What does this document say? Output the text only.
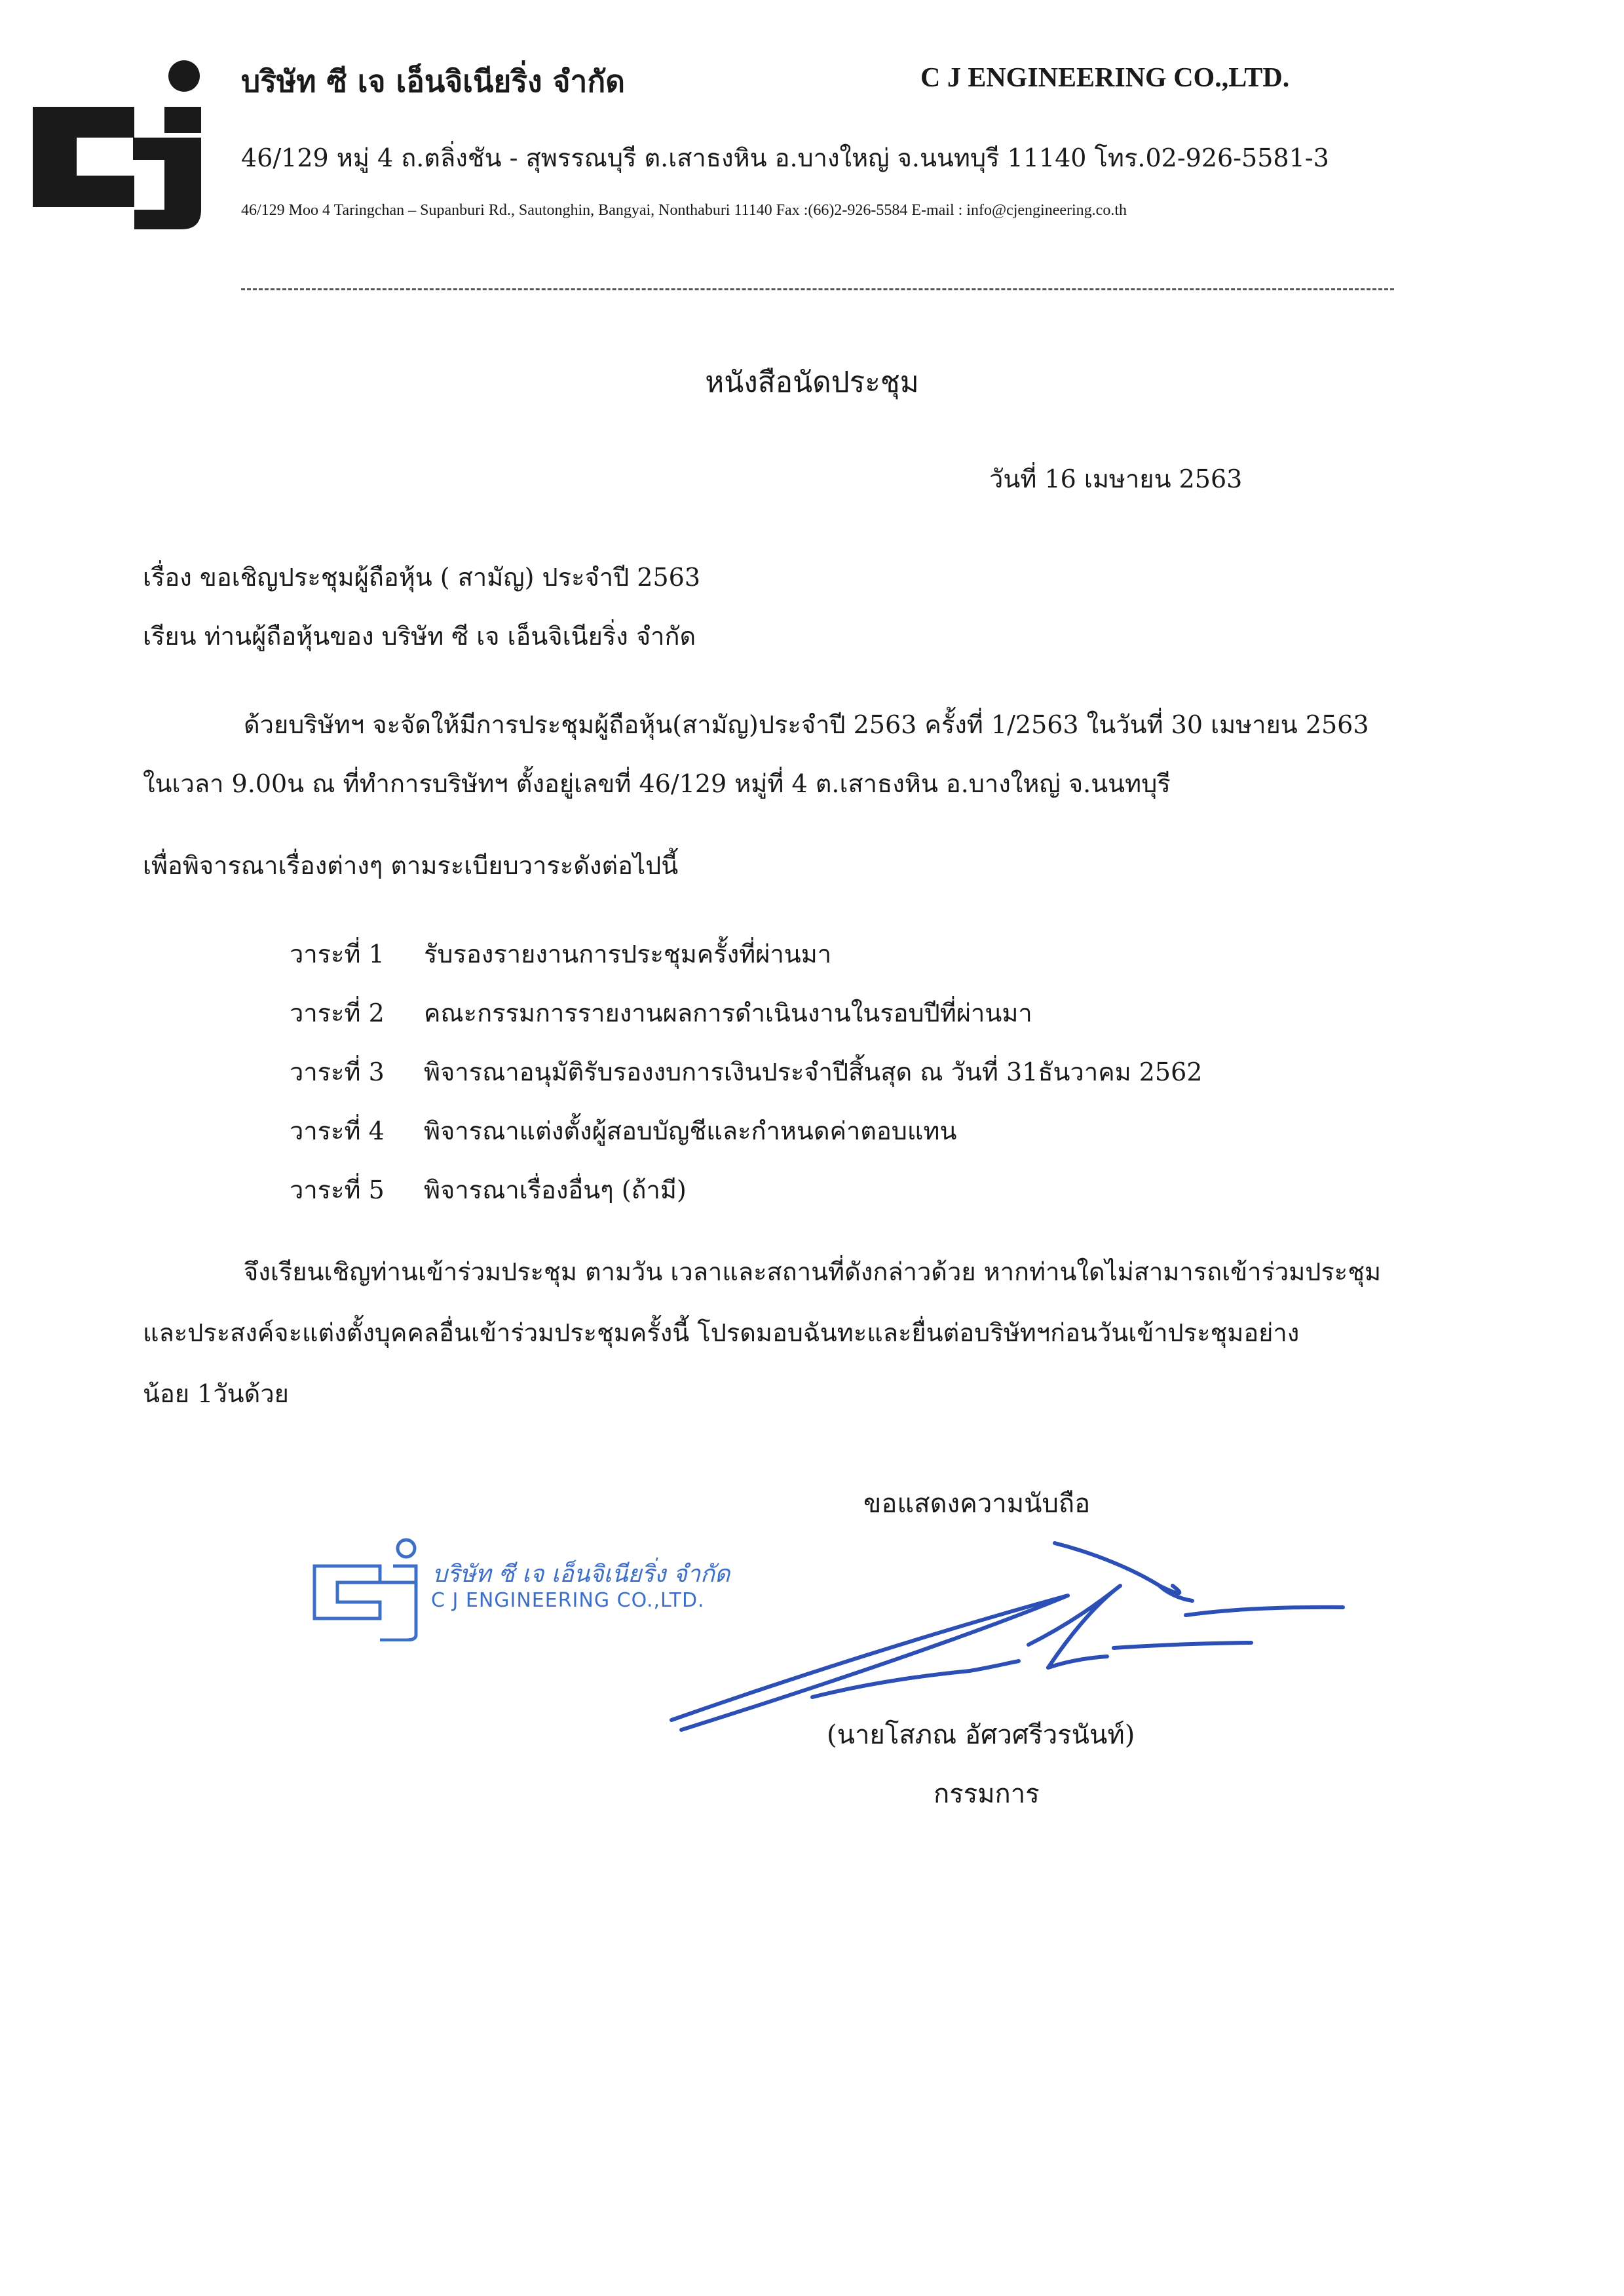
บริษัท ซี เจ เอ็นจิเนียริ่ง จำกัด	C J ENGINEERING CO.,LTD.
46/129 หมู่ 4 ถ.ตลิ่งชัน - สุพรรณบุรี ต.เสาธงหิน อ.บางใหญ่ จ.นนทบุรี 11140 โทร.02-926-5581-3
46/129 Moo 4 Taringchan – Supanburi Rd., Sautonghin, Bangyai, Nonthaburi 11140 Fax :(66)2-926-5584 E-mail : info@cjengineering.co.th
หนังสือนัดประชุม
วันที่ 16 เมษายน 2563
เรื่อง ขอเชิญประชุมผู้ถือหุ้น ( สามัญ) ประจำปี 2563
เรียน ท่านผู้ถือหุ้นของ บริษัท ซี เจ เอ็นจิเนียริ่ง จำกัด
ด้วยบริษัทฯ จะจัดให้มีการประชุมผู้ถือหุ้น(สามัญ)ประจำปี 2563 ครั้งที่ 1/2563 ในวันที่ 30 เมษายน 2563
ในเวลา 9.00น ณ ที่ทำการบริษัทฯ ตั้งอยู่เลขที่ 46/129 หมู่ที่ 4 ต.เสาธงหิน อ.บางใหญ่ จ.นนทบุรี
เพื่อพิจารณาเรื่องต่างๆ ตามระเบียบวาระดังต่อไปนี้
วาระที่ 1 รับรองรายงานการประชุมครั้งที่ผ่านมา
วาระที่ 2 คณะกรรมการรายงานผลการดำเนินงานในรอบปีที่ผ่านมา
วาระที่ 3 พิจารณาอนุมัติรับรองงบการเงินประจำปีสิ้นสุด ณ วันที่ 31ธันวาคม 2562
วาระที่ 4 พิจารณาแต่งตั้งผู้สอบบัญชีและกำหนดค่าตอบแทน
วาระที่ 5 พิจารณาเรื่องอื่นๆ (ถ้ามี)
จึงเรียนเชิญท่านเข้าร่วมประชุม ตามวัน เวลาและสถานที่ดังกล่าวด้วย หากท่านใดไม่สามารถเข้าร่วมประชุม
และประสงค์จะแต่งตั้งบุคคลอื่นเข้าร่วมประชุมครั้งนี้ โปรดมอบฉันทะและยื่นต่อบริษัทฯก่อนวันเข้าประชุมอย่าง
น้อย 1วันด้วย
ขอแสดงความนับถือ
บริษัท ซี เจ เอ็นจิเนียริ่ง จำกัด
C J ENGINEERING CO.,LTD.
(นายโสภณ อัศวศรีวรนันท์)
กรรมการ
